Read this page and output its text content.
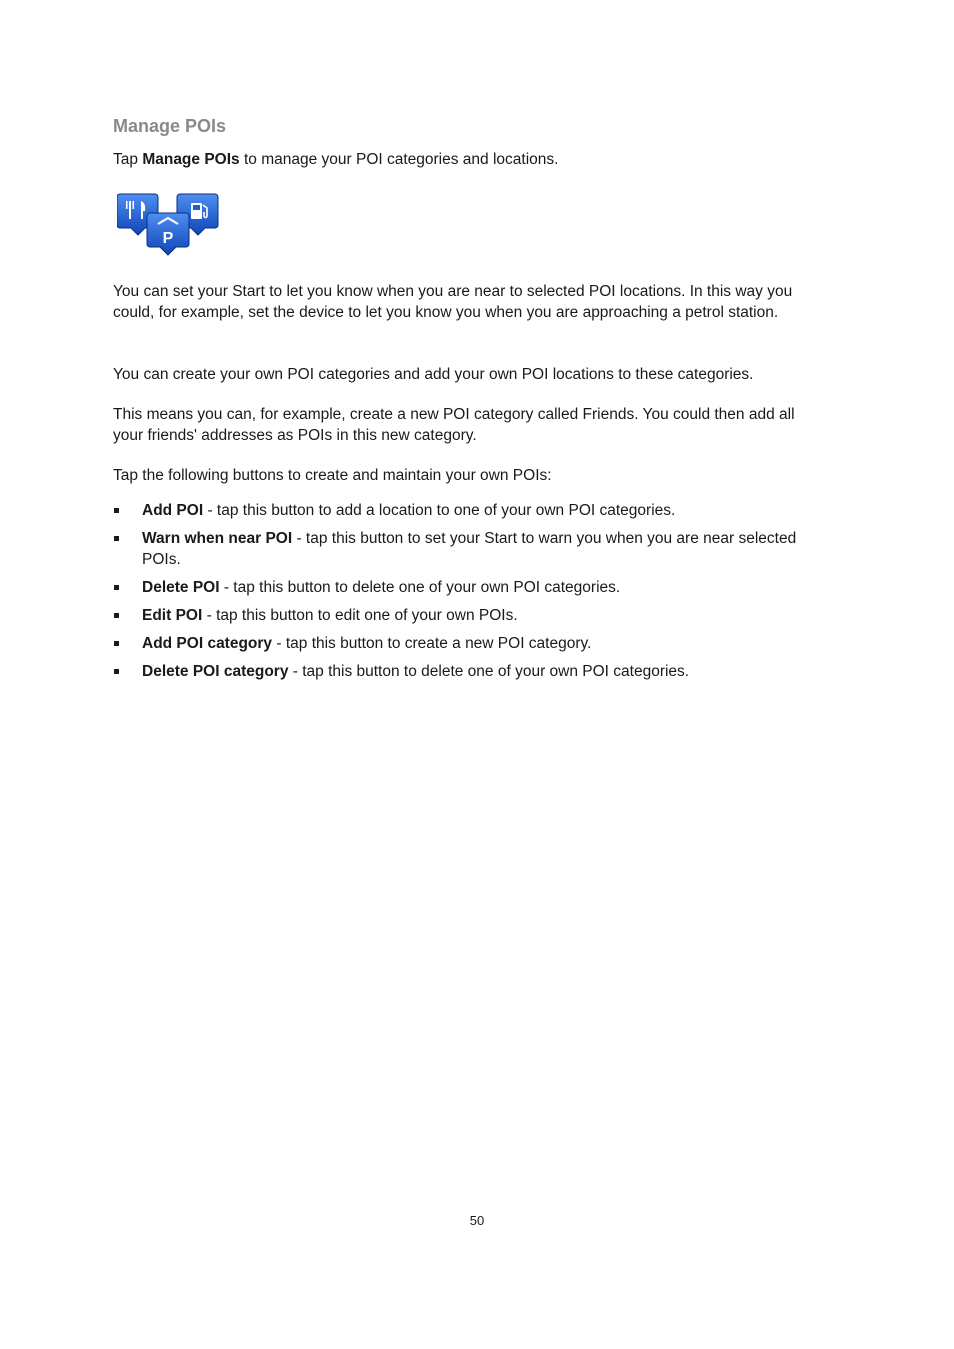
Manage POIs

Tap Manage POIs to manage your POI categories and locations.

P

You can set your Start to let you know when you are near to selected POI locations. In this way you could, for example, set the device to let you know you when you are approaching a petrol station.

You can create your own POI categories and add your own POI locations to these categories.

This means you can, for example, create a new POI category called Friends. You could then add all your friends' addresses as POIs in this new category.

Tap the following buttons to create and maintain your own POIs:

Add POI - tap this button to add a location to one of your own POI categories.
Warn when near POI - tap this button to set your Start to warn you when you are near selected POIs.
Delete POI - tap this button to delete one of your own POI categories.
Edit POI - tap this button to edit one of your own POIs.
Add POI category - tap this button to create a new POI category.
Delete POI category - tap this button to delete one of your own POI categories.
50
